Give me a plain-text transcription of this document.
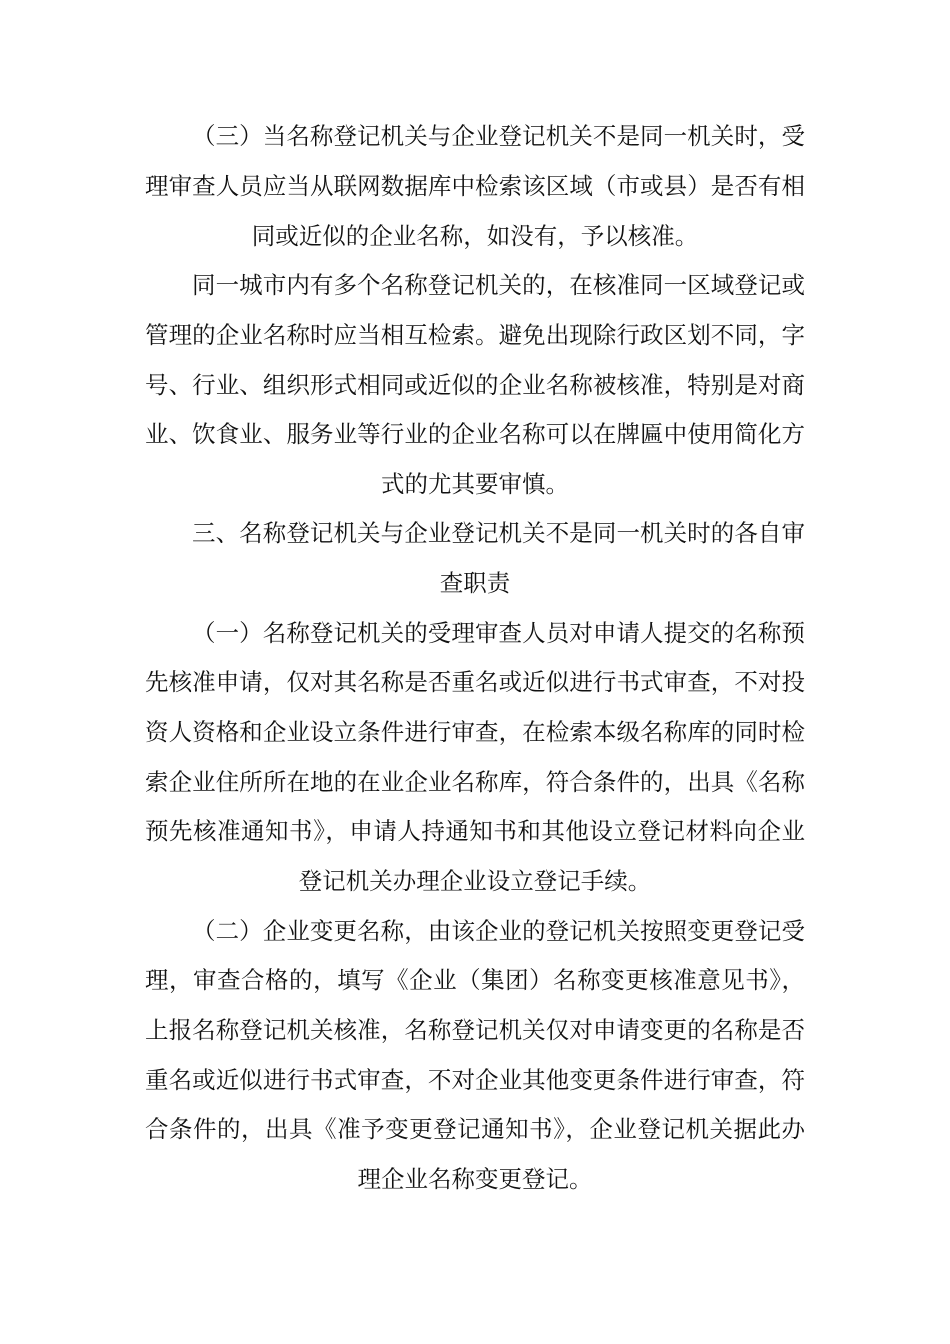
（三）当名称登记机关与企业登记机关不是同一机关时，受
理审查人员应当从联网数据库中检索该区域（市或县）是否有相
同或近似的企业名称，如没有，予以核准。
同一城市内有多个名称登记机关的，在核准同一区域登记或
管理的企业名称时应当相互检索。避免出现除行政区划不同，字
号、行业、组织形式相同或近似的企业名称被核准，特别是对商
业、饮食业、服务业等行业的企业名称可以在牌匾中使用简化方
式的尤其要审慎。
三、名称登记机关与企业登记机关不是同一机关时的各自审
查职责
（一）名称登记机关的受理审查人员对申请人提交的名称预
先核准申请，仅对其名称是否重名或近似进行书式审查，不对投
资人资格和企业设立条件进行审查，在检索本级名称库的同时检
索企业住所所在地的在业企业名称库，符合条件的，出具《名称
预先核准通知书》，申请人持通知书和其他设立登记材料向企业
登记机关办理企业设立登记手续。
（二）企业变更名称，由该企业的登记机关按照变更登记受
理，审查合格的，填写《企业（集团）名称变更核准意见书》，
上报名称登记机关核准，名称登记机关仅对申请变更的名称是否
重名或近似进行书式审查，不对企业其他变更条件进行审查，符
合条件的，出具《准予变更登记通知书》，企业登记机关据此办
理企业名称变更登记。
